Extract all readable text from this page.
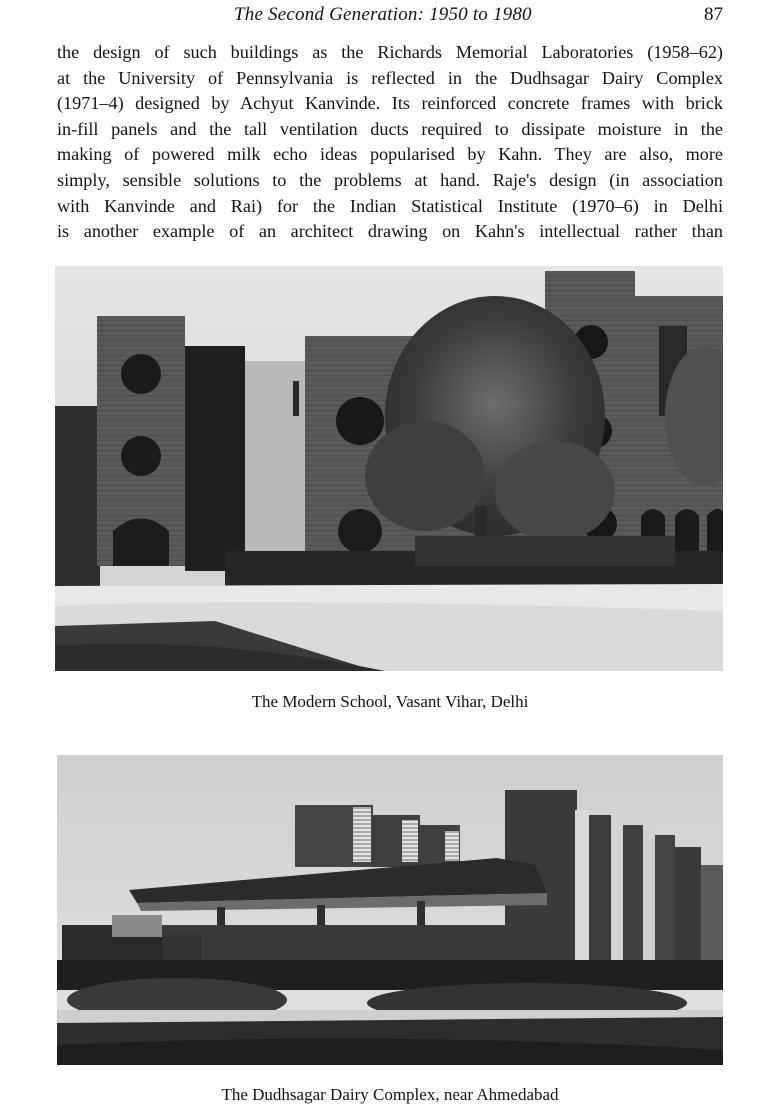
The Second Generation: 1950 to 1980	87

the design of such buildings as the Richards Memorial Laboratories (1958–62)
at the University of Pennsylvania is reflected in the Dudhsagar Dairy Complex
(1971–4) designed by Achyut Kanvinde. Its reinforced concrete frames with brick
in-fill panels and the tall ventilation ducts required to dissipate moisture in the
making of powered milk echo ideas popularised by Kahn. They are also, more
simply, sensible solutions to the problems at hand. Raje's design (in association
with Kanvinde and Rai) for the Indian Statistical Institute (1970–6) in Delhi
is another example of an architect drawing on Kahn's intellectual rather than

The Modern School, Vasant Vihar, Delhi
The Dudhsagar Dairy Complex, near Ahmedabad
